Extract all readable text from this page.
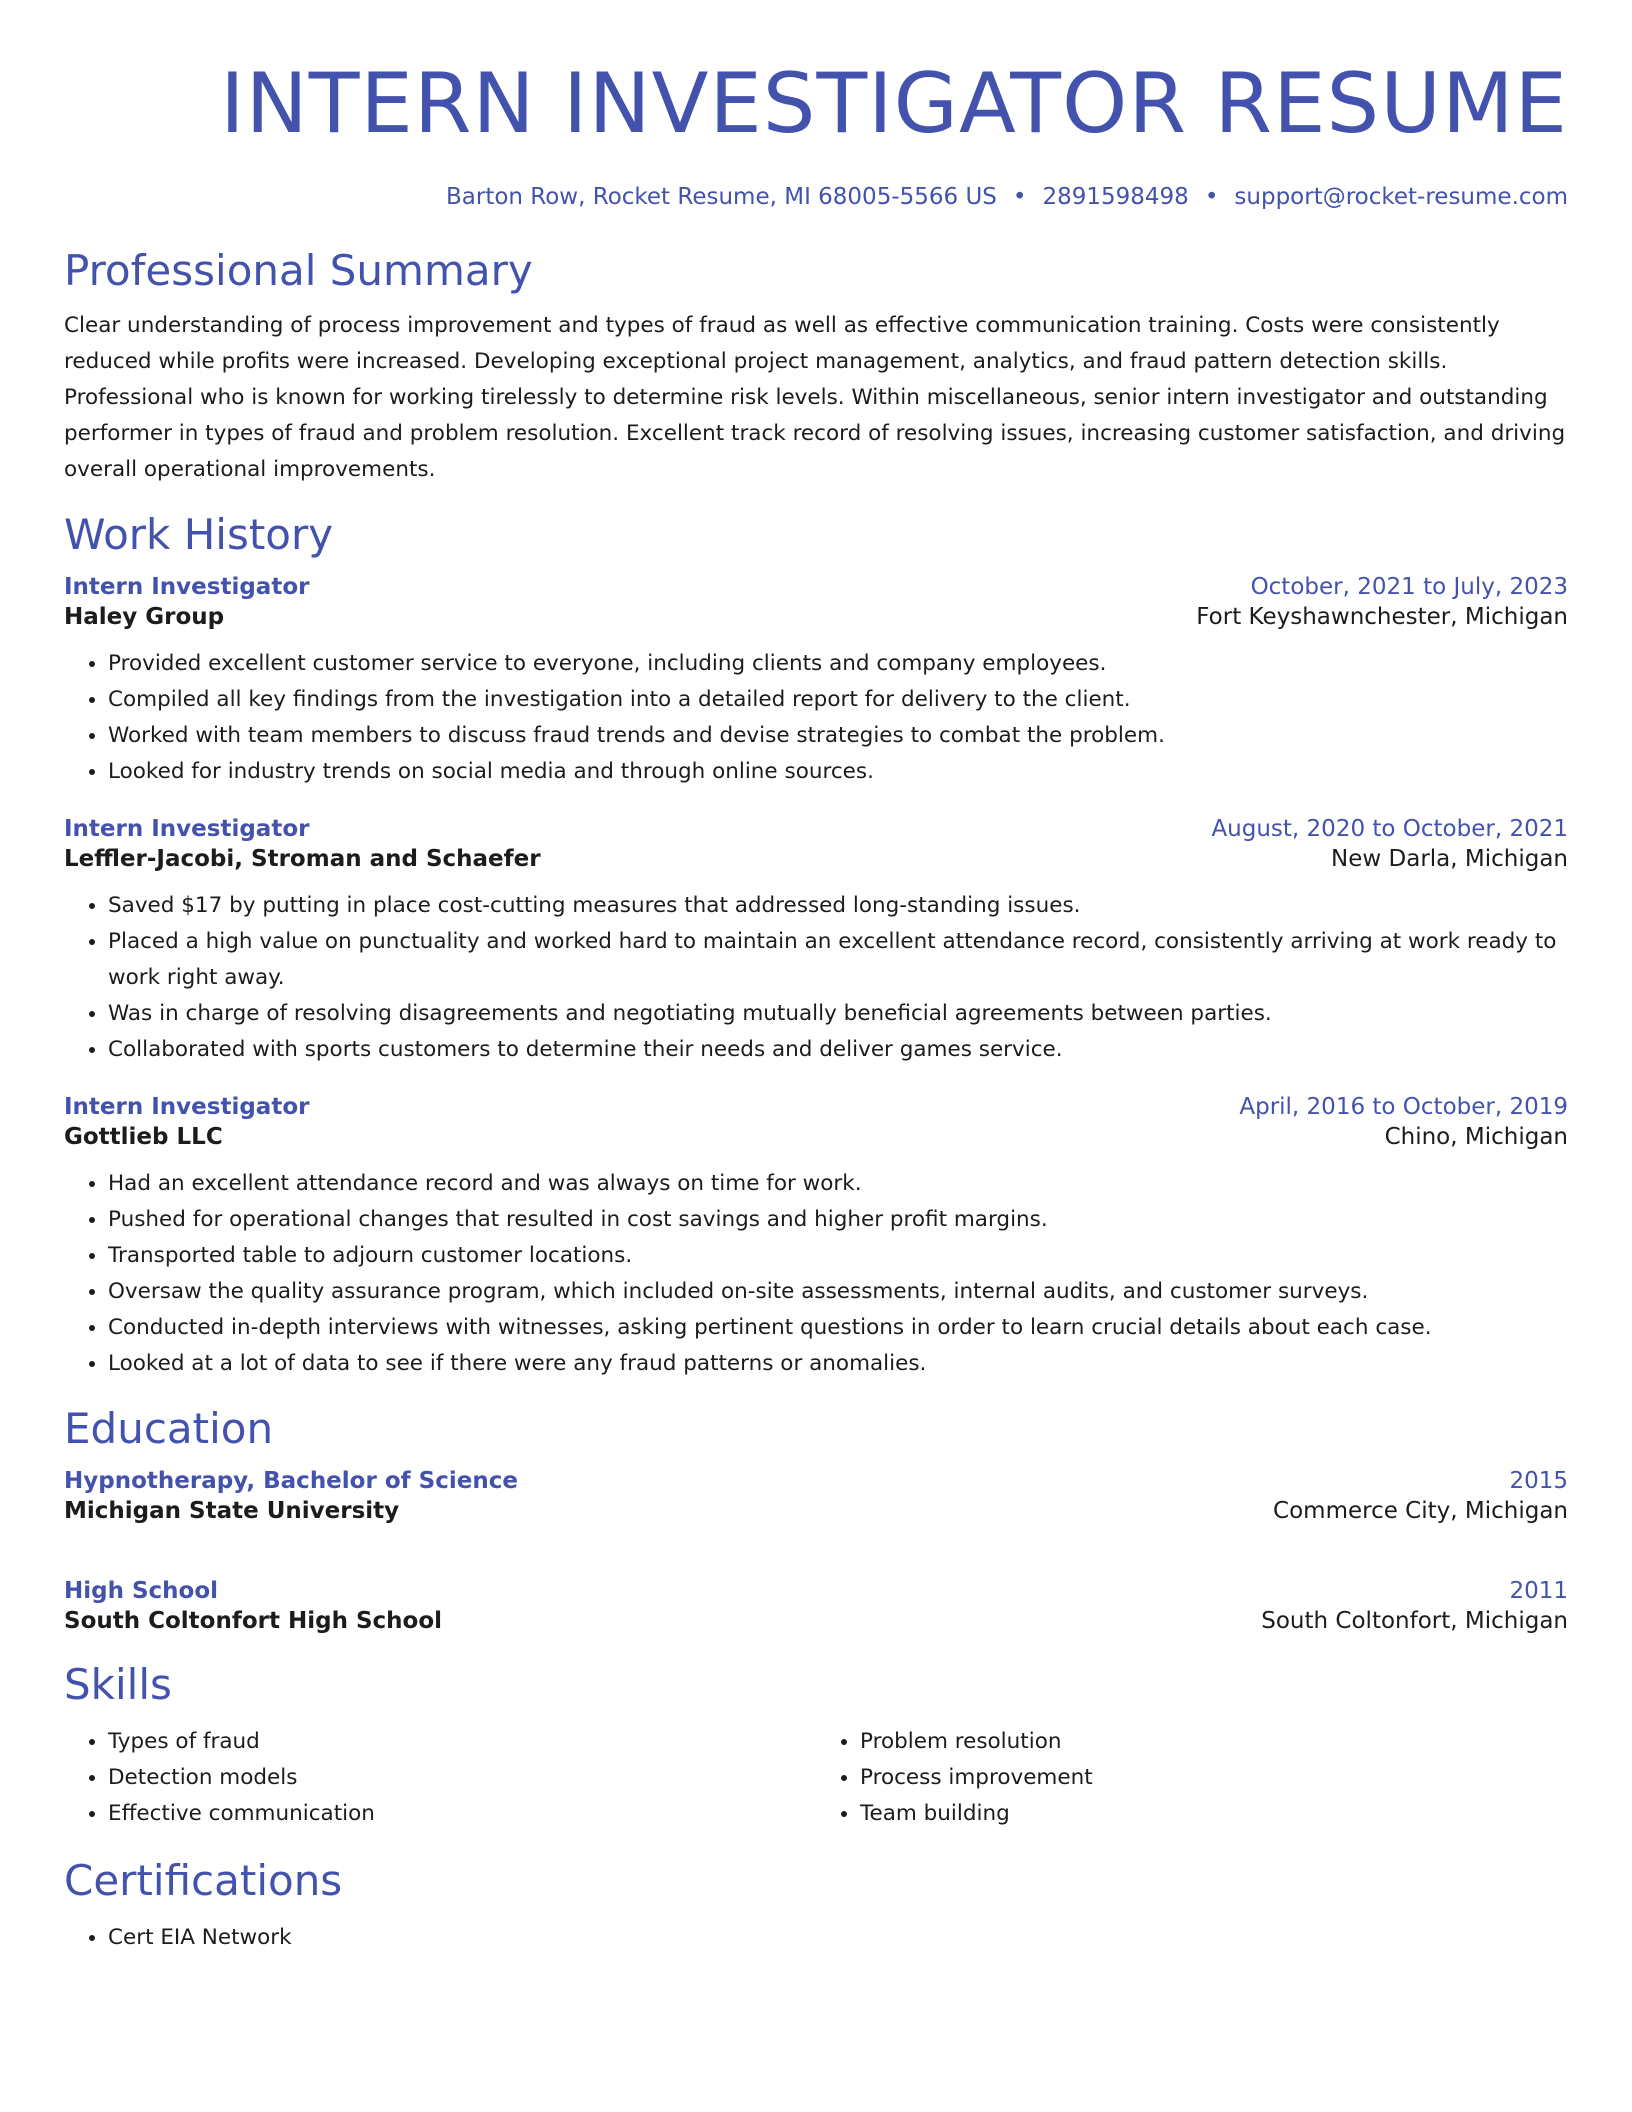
INTERN INVESTIGATOR RESUME
Barton Row, Rocket Resume, MI 68005-5566 US • 2891598498 • support@rocket-resume.com
Professional Summary

Clear understanding of process improvement and types of fraud as well as effective communication training. Costs were consistently reduced while profits were increased. Developing exceptional project management, analytics, and fraud pattern detection skills. Professional who is known for working tirelessly to determine risk levels. Within miscellaneous, senior intern investigator and outstanding performer in types of fraud and problem resolution. Excellent track record of resolving issues, increasing customer satisfaction, and driving overall operational improvements.

Work History
Intern Investigator	October, 2021 to July, 2023
Haley Group	Fort Keyshawnchester, Michigan
• Provided excellent customer service to everyone, including clients and company employees.
• Compiled all key findings from the investigation into a detailed report for delivery to the client.
• Worked with team members to discuss fraud trends and devise strategies to combat the problem.
• Looked for industry trends on social media and through online sources.
Intern Investigator	August, 2020 to October, 2021
Leffler-Jacobi, Stroman and Schaefer	New Darla, Michigan
• Saved $17 by putting in place cost-cutting measures that addressed long-standing issues.
• Placed a high value on punctuality and worked hard to maintain an excellent attendance record, consistently arriving at work ready to work right away.
• Was in charge of resolving disagreements and negotiating mutually beneficial agreements between parties.
• Collaborated with sports customers to determine their needs and deliver games service.
Intern Investigator	April, 2016 to October, 2019
Gottlieb LLC	Chino, Michigan
• Had an excellent attendance record and was always on time for work.
• Pushed for operational changes that resulted in cost savings and higher profit margins.
• Transported table to adjourn customer locations.
• Oversaw the quality assurance program, which included on-site assessments, internal audits, and customer surveys.
• Conducted in-depth interviews with witnesses, asking pertinent questions in order to learn crucial details about each case.
• Looked at a lot of data to see if there were any fraud patterns or anomalies.
Education
Hypnotherapy, Bachelor of Science	2015
Michigan State University	Commerce City, Michigan
High School	2011
South Coltonfort High School	South Coltonfort, Michigan
Skills
• Types of fraud
• Detection models
• Effective communication
• Problem resolution
• Process improvement
• Team building
Certifications
• Cert EIA Network
